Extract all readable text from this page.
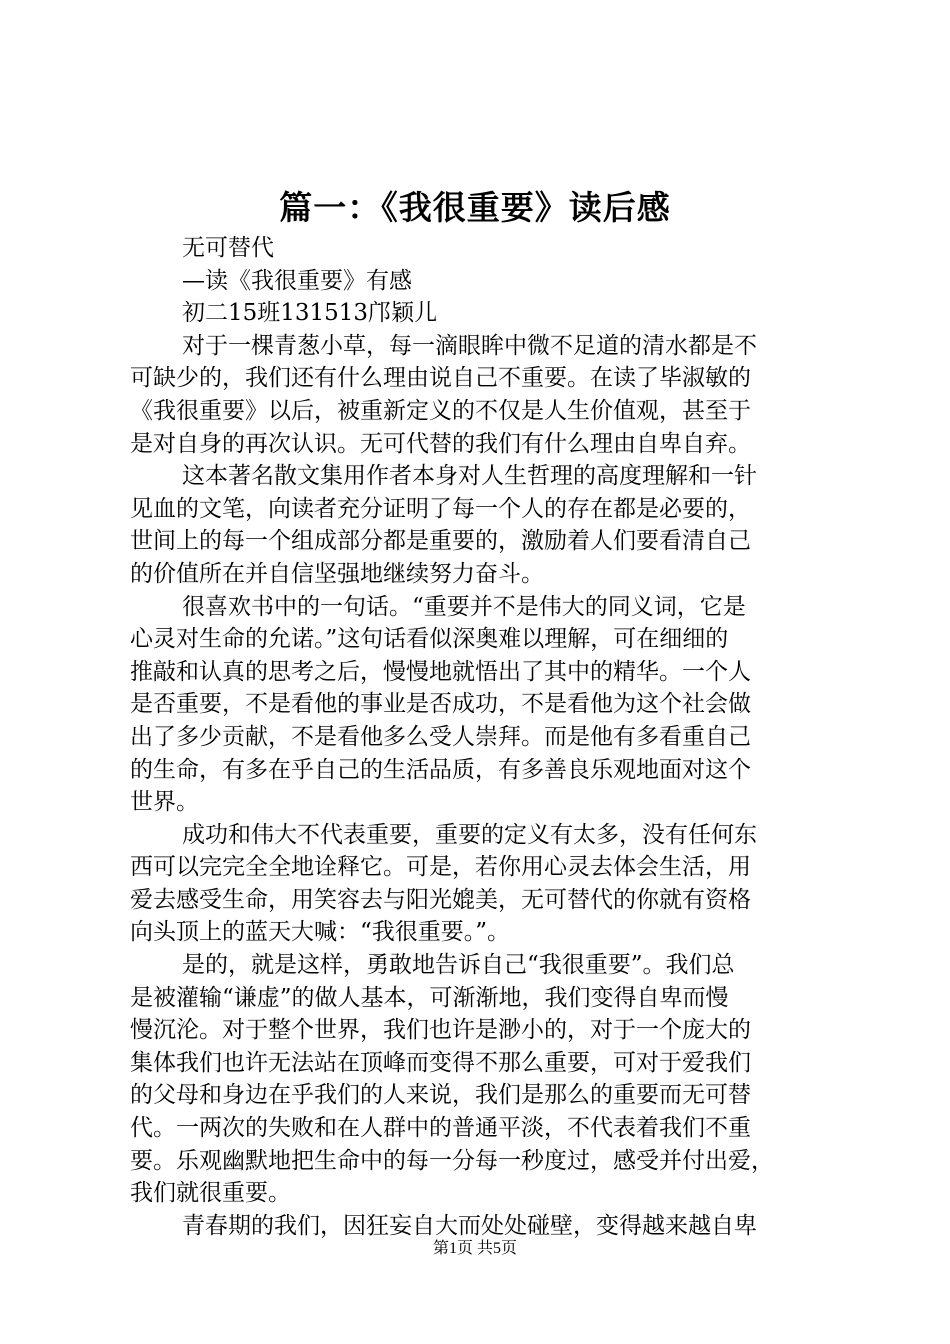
篇一：《我很重要》读后感
无可替代
—读《我很重要》有感
初二15班131513邝颖儿
对于一棵青葱小草，每一滴眼眸中微不足道的清水都是不
可缺少的，我们还有什么理由说自己不重要。在读了毕淑敏的
《我很重要》以后，被重新定义的不仅是人生价值观，甚至于
是对自身的再次认识。无可代替的我们有什么理由自卑自弃。
这本著名散文集用作者本身对人生哲理的高度理解和一针
见血的文笔，向读者充分证明了每一个人的存在都是必要的，
世间上的每一个组成部分都是重要的，激励着人们要看清自己
的价值所在并自信坚强地继续努力奋斗。
很喜欢书中的一句话。“重要并不是伟大的同义词，它是
心灵对生命的允诺。”这句话看似深奥难以理解，可在细细的
推敲和认真的思考之后，慢慢地就悟出了其中的精华。一个人
是否重要，不是看他的事业是否成功，不是看他为这个社会做
出了多少贡献，不是看他多么受人崇拜。而是他有多看重自己
的生命，有多在乎自己的生活品质，有多善良乐观地面对这个
世界。
成功和伟大不代表重要，重要的定义有太多，没有任何东
西可以完完全全地诠释它。可是，若你用心灵去体会生活，用
爱去感受生命，用笑容去与阳光媲美，无可替代的你就有资格
向头顶上的蓝天大喊：“我很重要。”。
是的，就是这样，勇敢地告诉自己“我很重要”。我们总
是被灌输“谦虚”的做人基本，可渐渐地，我们变得自卑而慢
慢沉沦。对于整个世界，我们也许是渺小的，对于一个庞大的
集体我们也许无法站在顶峰而变得不那么重要，可对于爱我们
的父母和身边在乎我们的人来说，我们是那么的重要而无可替
代。一两次的失败和在人群中的普通平淡，不代表着我们不重
要。乐观幽默地把生命中的每一分每一秒度过，感受并付出爱，
我们就很重要。
青春期的我们，因狂妄自大而处处碰壁，变得越来越自卑
第1页 共5页
